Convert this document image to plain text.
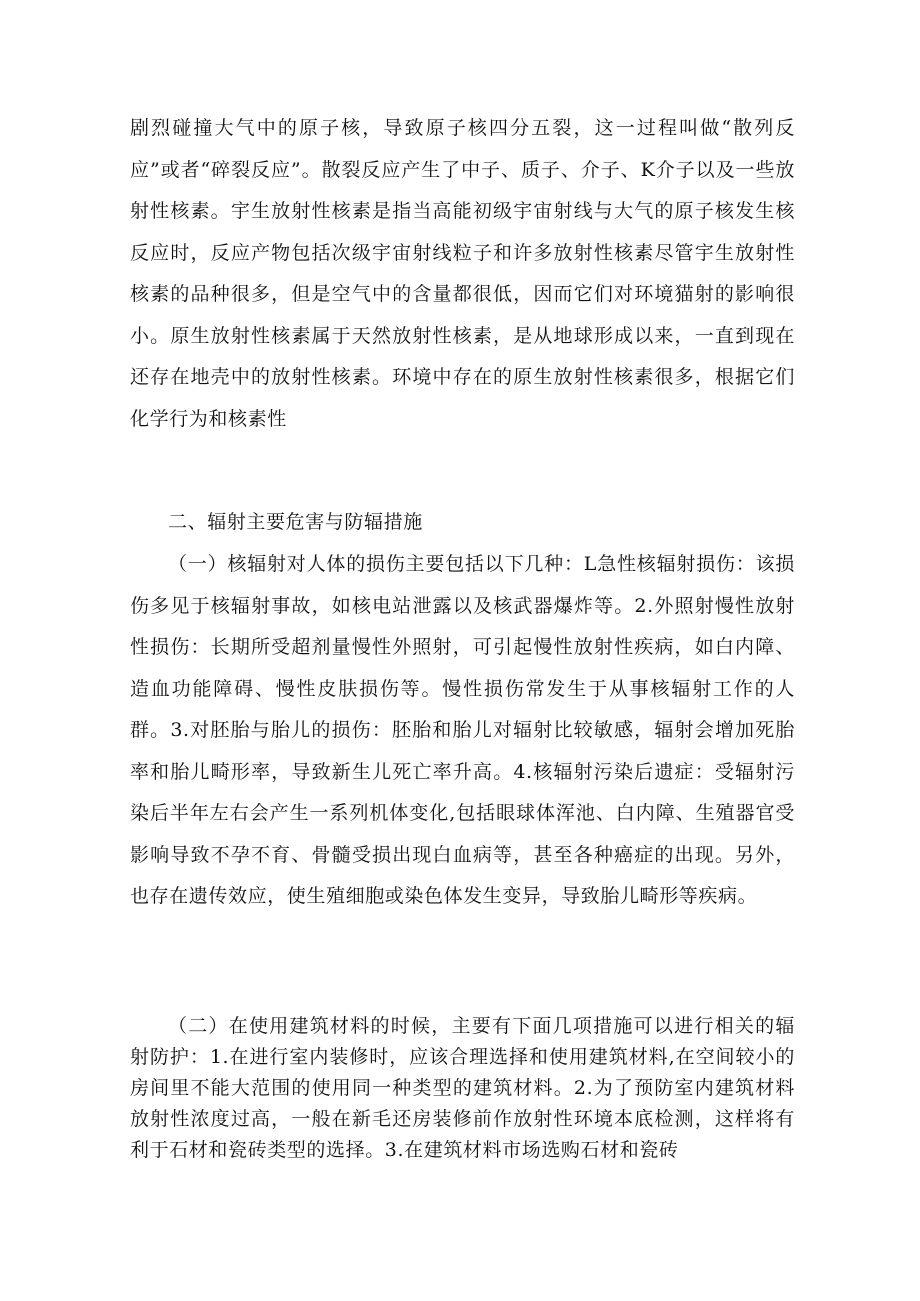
剧烈碰撞大气中的原子核，导致原子核四分五裂，这一过程叫做“散列反应”或者“碎裂反应”。散裂反应产生了中子、质子、介子、K介子以及一些放射性核素。宇生放射性核素是指当高能初级宇宙射线与大气的原子核发生核反应时，反应产物包括次级宇宙射线粒子和许多放射性核素尽管宇生放射性核素的品种很多，但是空气中的含量都很低，因而它们对环境猫射的影响很小。原生放射性核素属于天然放射性核素，是从地球形成以来，一直到现在还存在地壳中的放射性核素。环境中存在的原生放射性核素很多，根据它们化学行为和核素性

二、辐射主要危害与防辐措施

（一）核辐射对人体的损伤主要包括以下几种：L急性核辐射损伤：该损伤多见于核辐射事故，如核电站泄露以及核武器爆炸等。2.外照射慢性放射性损伤：长期所受超剂量慢性外照射，可引起慢性放射性疾病，如白内障、造血功能障碍、慢性皮肤损伤等。慢性损伤常发生于从事核辐射工作的人群。3.对胚胎与胎儿的损伤：胚胎和胎儿对辐射比较敏感，辐射会增加死胎率和胎儿畸形率，导致新生儿死亡率升高。4.核辐射污染后遗症：受辐射污染后半年左右会产生一系列机体变化,包括眼球体浑池、白内障、生殖器官受影响导致不孕不育、骨髓受损出现白血病等，甚至各种癌症的出现。另外，也存在遗传效应，使生殖细胞或染色体发生变异，导致胎儿畸形等疾病。

（二）在使用建筑材料的时候，主要有下面几项措施可以进行相关的辐射防护：1.在进行室内装修时，应该合理选择和使用建筑材料,在空间较小的房间里不能大范围的使用同一种类型的建筑材料。2.为了预防室内建筑材料放射性浓度过高，一般在新毛还房装修前作放射性环境本底检测，这样将有利于石材和瓷砖类型的选择。3.在建筑材料市场选购石材和瓷砖
